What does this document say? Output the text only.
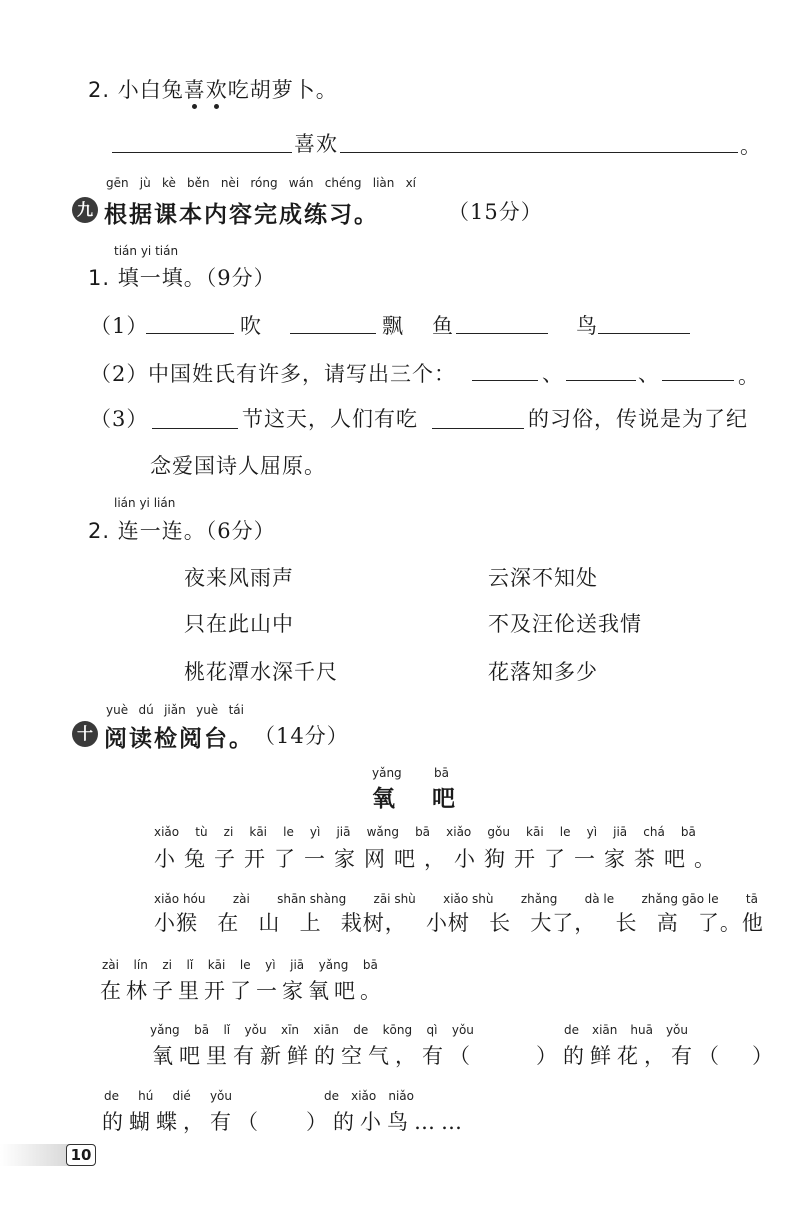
2. 小白兔喜欢吃胡萝卜。
喜欢	。
gēn jù kè běn nèi róng wán chéng liàn xí
九 根据课本内容完成练习。	（15分）
tián yi tián
1. 填一填。（9分）
（1）	吹	飘 鱼	鸟
（2） 中国姓氏有许多，请写出三个：	、	、	。
（3）	节这天，人们有吃	的习俗，传说是为了纪
念爱国诗人屈原。
lián yi lián
2. 连一连。（6分）
夜来风雨声
只在此山中
桃花潭水深千尺
云深不知处
不及汪伦送我情
花落知多少
yuè dú jiǎn yuè tái
十 阅读检阅台。 （14分）
yǎng	bā
氧 吧
xiǎo tù zi kāi le yì jiā wǎng bā xiǎo gǒu kāi le yì jiā chá bā
小兔子开了一家网吧，小狗开了一家茶吧。
xiǎo hóu zài shān shàng zāi shù xiǎo shù zhǎng dà le zhǎng gāo le tā
小猴 在 山 上 栽树， 小树 长 大了， 长 高 了。他
zài lín zi lǐ kāi le yì jiā yǎng bā
在林子里开了一家氧吧。
yǎng bā lǐ yǒu xīn xiān de kōng qì yǒu	de xiān huā yǒu
氧吧里有新鲜的空气，有（	）的鲜花，有（ ）
de hú dié yǒu	de xiǎo niǎo
的蝴蝶，有（ ）的小鸟……
10
